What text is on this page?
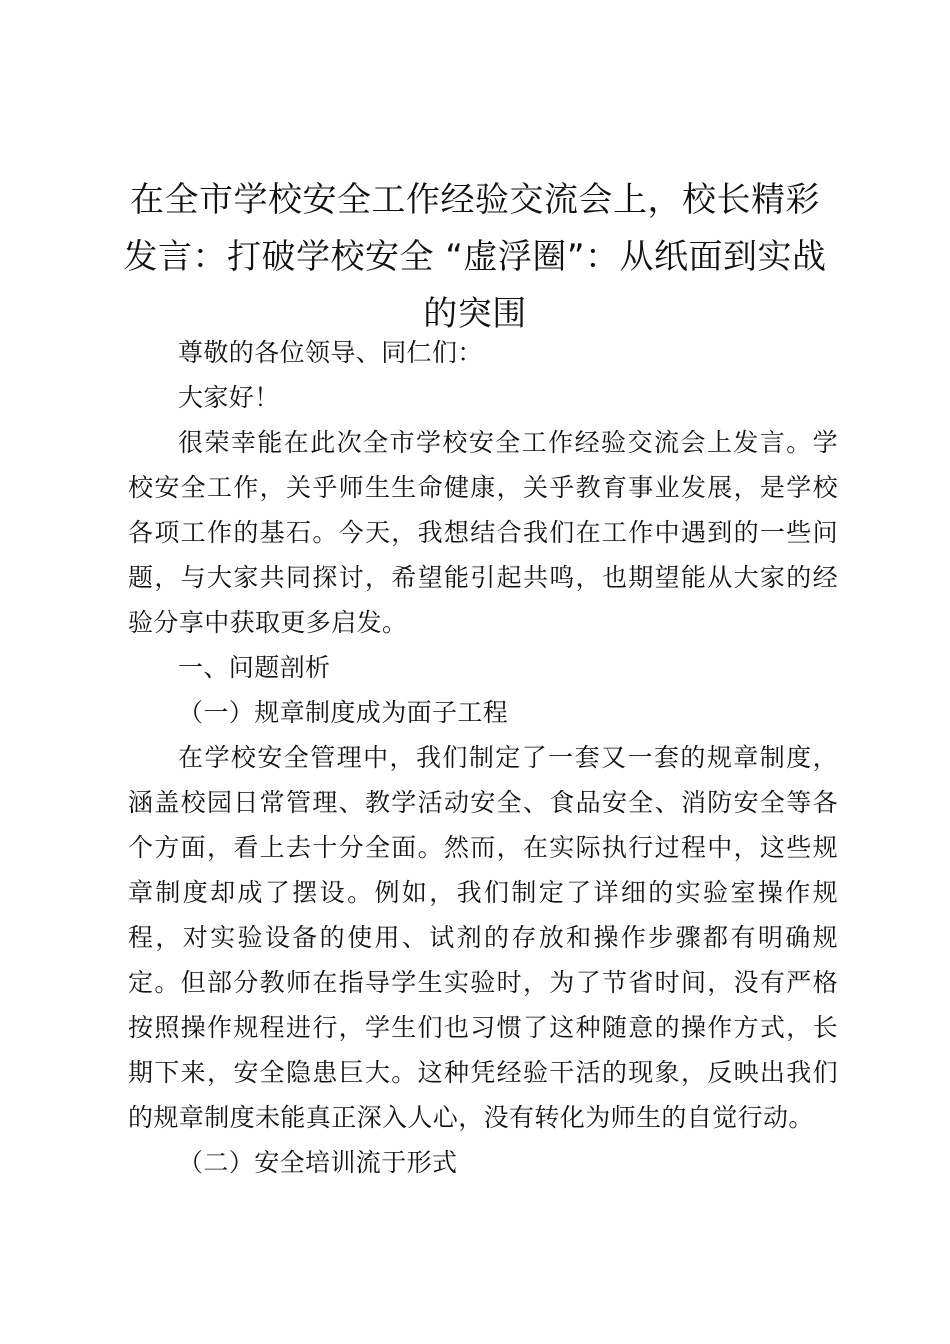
在全市学校安全工作经验交流会上，校长精彩发言：打破学校安全 “虚浮圈”：从纸面到实战的突围

尊敬的各位领导、同仁们：

大家好！

很荣幸能在此次全市学校安全工作经验交流会上发言。学校安全工作，关乎师生生命健康，关乎教育事业发展，是学校各项工作的基石。今天，我想结合我们在工作中遇到的一些问题，与大家共同探讨，希望能引起共鸣，也期望能从大家的经验分享中获取更多启发。

一、问题剖析

（一）规章制度成为面子工程

在学校安全管理中，我们制定了一套又一套的规章制度，涵盖校园日常管理、教学活动安全、食品安全、消防安全等各个方面，看上去十分全面。然而，在实际执行过程中，这些规章制度却成了摆设。例如，我们制定了详细的实验室操作规程，对实验设备的使用、试剂的存放和操作步骤都有明确规定。但部分教师在指导学生实验时，为了节省时间，没有严格按照操作规程进行，学生们也习惯了这种随意的操作方式，长期下来，安全隐患巨大。这种凭经验干活的现象，反映出我们的规章制度未能真正深入人心，没有转化为师生的自觉行动。

（二）安全培训流于形式
